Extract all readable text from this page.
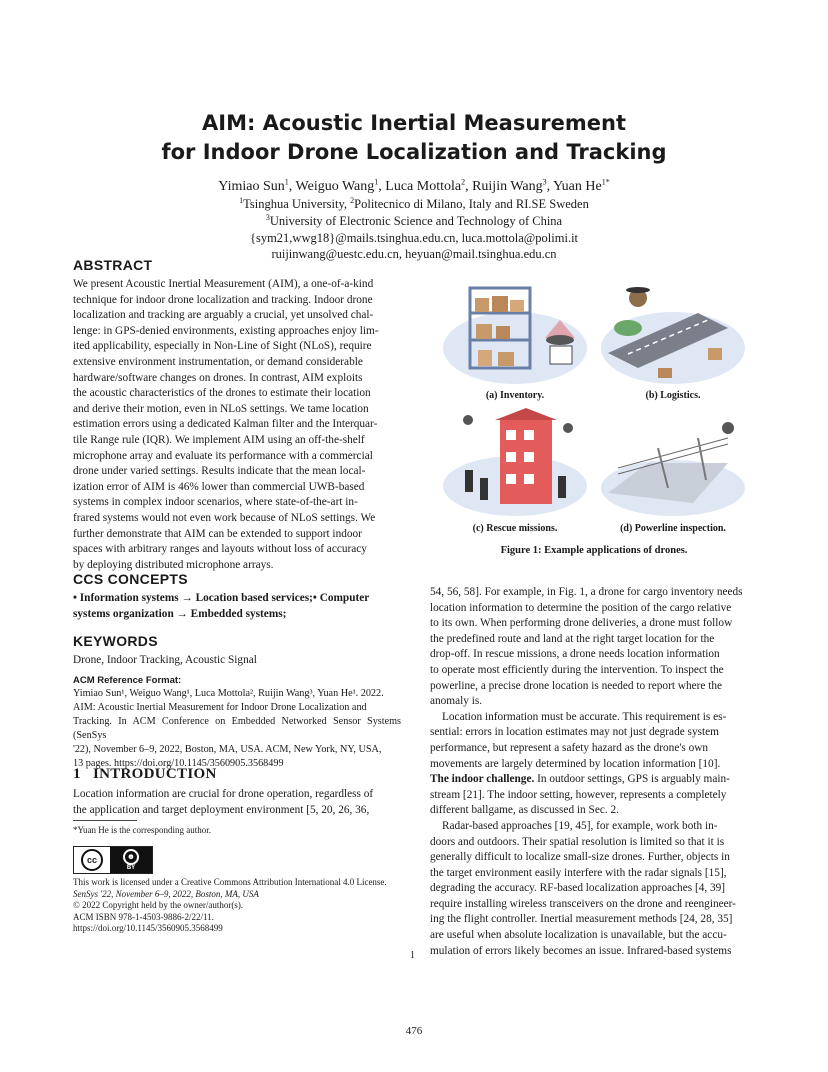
AIM: Acoustic Inertial Measurement
for Indoor Drone Localization and Tracking
Yimiao Sun$^1$, Weiguo Wang$^1$, Luca Mottola$^2$, Ruijin Wang$^3$, Yuan $He^{1*}$
$^1$Tsinghua University, $^2$Politecnico di Milano, Italy and RI.SE Sweden
$^3$University of Electronic Science and Technology of China
{sym21,wwg18}@mails.tsinghua.edu.cn, luca.mottola@polimi.it
ruijinwang@uestc.edu.cn, heyuan@mail.tsinghua.edu.cn
ABSTRACT
We present Acoustic Inertial Measurement (AIM), a one-of-a-kind
technique for indoor drone localization and tracking. Indoor drone
localization and tracking are arguably a crucial, yet unsolved chal-
lenge: in GPS-denied environments, existing approaches enjoy lim-
ited applicability, especially in Non-Line of Sight (NLoS), require
extensive environment instrumentation, or demand considerable
hardware/software changes on drones. In contrast, AIM exploits
the acoustic characteristics of the drones to estimate their location
and derive their motion, even in NLoS settings. We tame location
estimation errors using a dedicated Kalman filter and the Interquar-
tile Range rule (IQR). We implement AIM using an off-the-shelf
microphone array and evaluate its performance with a commercial
drone under varied settings. Results indicate that the mean local-
ization error of AIM is 46% lower than commercial UWB-based
systems in complex indoor scenarios, where state-of-the-art in-
frared systems would not even work because of NLoS settings. We
further demonstrate that AIM can be extended to support indoor
spaces with arbitrary ranges and layouts without loss of accuracy
by deploying distributed microphone arrays.
CCS CONCEPTS
• Information systems → Location based services;• Computer
systems organization → Embedded systems;
KEYWORDS
Drone, Indoor Tracking, Acoustic Signal
ACM Reference Format:
Yimiao Sun¹, Weiguo Wang¹, Luca Mottola², Ruijin Wang³, Yuan He¹. 2022.
AIM: Acoustic Inertial Measurement for Indoor Drone Localization and
Tracking. In ACM Conference on Embedded Networked Sensor Systems (SenSys
'22), November 6–9, 2022, Boston, MA, USA. ACM, New York, NY, USA,
13 pages. https://doi.org/10.1145/3560905.3568499
1 INTRODUCTION
Location information are crucial for drone operation, regardless of
the application and target deployment environment [5, 20, 26, 36,
*Yuan He is the corresponding author.
cc	☻
BY
This work is licensed under a Creative Commons Attribution International 4.0 License.
SenSys '22, November 6–9, 2022, Boston, MA, USA
© 2022 Copyright held by the owner/author(s).
ACM ISBN 978-1-4503-9886-2/22/11.
https://doi.org/10.1145/3560905.3568499
(a) Inventory.	(b) Logistics.
(c) Rescue missions.	(d) Powerline inspection.
Figure 1: Example applications of drones.
54, 56, 58]. For example, in Fig. 1, a drone for cargo inventory needs
location information to determine the position of the cargo relative
to its own. When performing drone deliveries, a drone must follow
the predefined route and land at the right target location for the
drop-off. In rescue missions, a drone needs location information
to operate most efficiently during the intervention. To inspect the
powerline, a precise drone location is needed to report where the
anomaly is.
Location information must be accurate. This requirement is es-
sential: errors in location estimates may not just degrade system
performance, but represent a safety hazard as the drone's own
movements are largely determined by location information [10].
The indoor challenge. In outdoor settings, GPS is arguably main-
stream [21]. The indoor setting, however, represents a completely
different ballgame, as discussed in Sec. 2.
Radar-based approaches [19, 45], for example, work both in-
doors and outdoors. Their spatial resolution is limited so that it is
generally difficult to localize small-size drones. Further, objects in
the target environment easily interfere with the radar signals [15],
degrading the accuracy. RF-based localization approaches [4, 39]
require installing wireless transceivers on the drone and reengineer-
ing the flight controller. Inertial measurement methods [24, 28, 35]
are useful when absolute localization is unavailable, but the accu-
mulation of errors likely becomes an issue. Infrared-based systems
1
476
